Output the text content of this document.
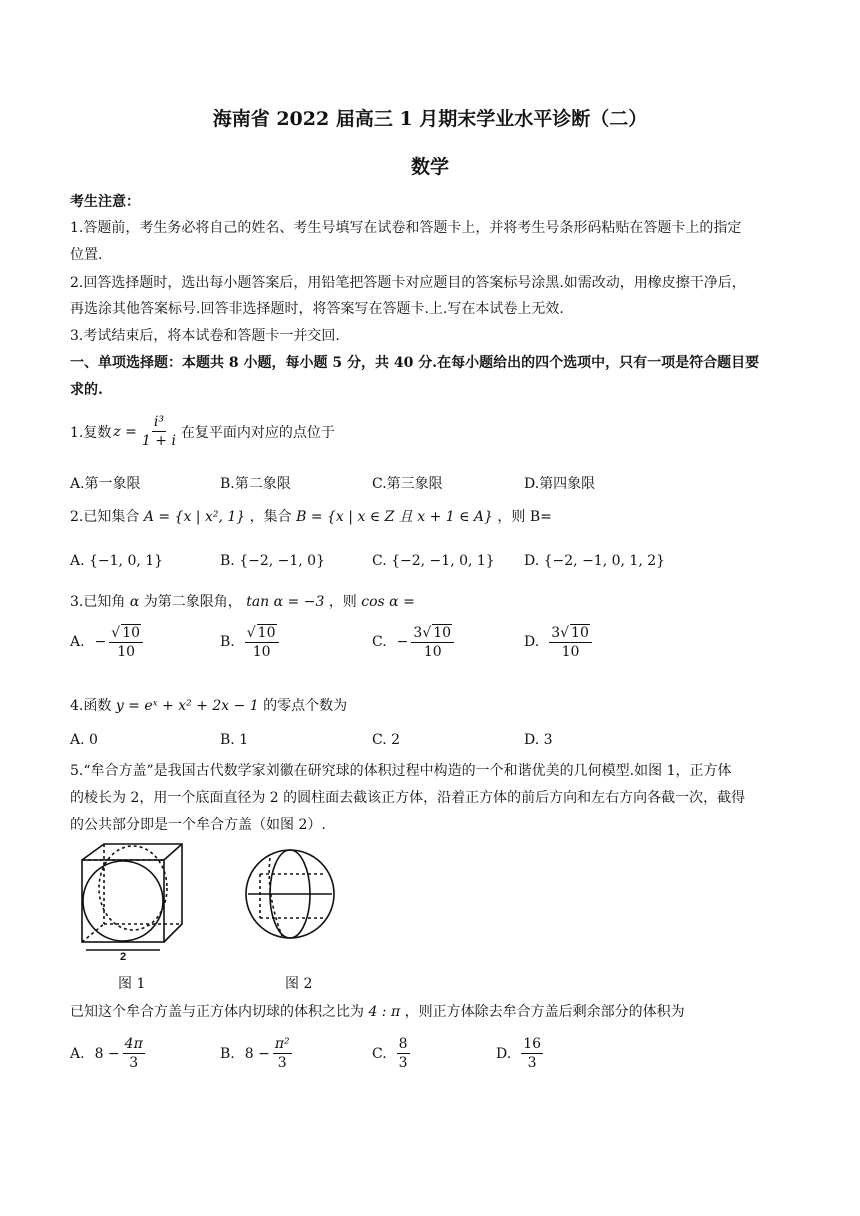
海南省 2022 届高三 1 月期末学业水平诊断（二）
数学
考生注意：
1.答题前，考生务必将自己的姓名、考生号填写在试卷和答题卡上，并将考生号条形码粘贴在答题卡上的指定
位置.
2.回答选择题时，选出每小题答案后，用铅笔把答题卡对应题目的答案标号涂黑.如需改动，用橡皮擦干净后，
再选涂其他答案标号.回答非选择题时，将答案写在答题卡.上.写在本试卷上无效.
3.考试结束后，将本试卷和答题卡一并交回.
一、单项选择题：本题共 8 小题，每小题 5 分，共 40 分.在每小题给出的四个选项中，只有一项是符合题目要
求的.
1.复数 $z = \frac{\text{i³}}{1 + i}$ 在复平面内对应的点位于
A.第一象限	B.第二象限	C.第三象限	D.第四象限
2.已知集合 A = {x | x², 1} ，集合 B = {x | x ∈ Z 且 x + 1 ∈ A} ，则 B=
A. {−1, 0, 1}	B. {−2, −1, 0}	C. {−2, −1, 0, 1} D. {−2, −1, 0, 1, 2}
3.已知角 α 为第二象限角， tan α = −3 ，则 cos α =
A. − $\frac{√ 10}{10}$	B. $\frac{√ 10}{10}$	C. − $\frac{3√ 10}{10}$	D. $\frac{3√ 10}{10}$
4.函数 y = eˣ + x² + 2x − 1 的零点个数为
A. 0	B. 1	C. 2	D. 3
5.“牟合方盖”是我国古代数学家刘徽在研究球的体积过程中构造的一个和谐优美的几何模型.如图 1，正方体
的棱长为 2，用一个底面直径为 2 的圆柱面去截该正方体，沿着正方体的前后方向和左右方向各截一次，截得
的公共部分即是一个牟合方盖（如图 2）.
2
图 1	图 2
已知这个牟合方盖与正方体内切球的体积之比为 4 : π ，则正方体除去牟合方盖后剩余部分的体积为
A. $8 - \frac{4\pi}{3}$	B. $8 - \frac{\text{π²}}{3}$	C. $\frac{8}{3}$	D. $\frac{16}{3}$
